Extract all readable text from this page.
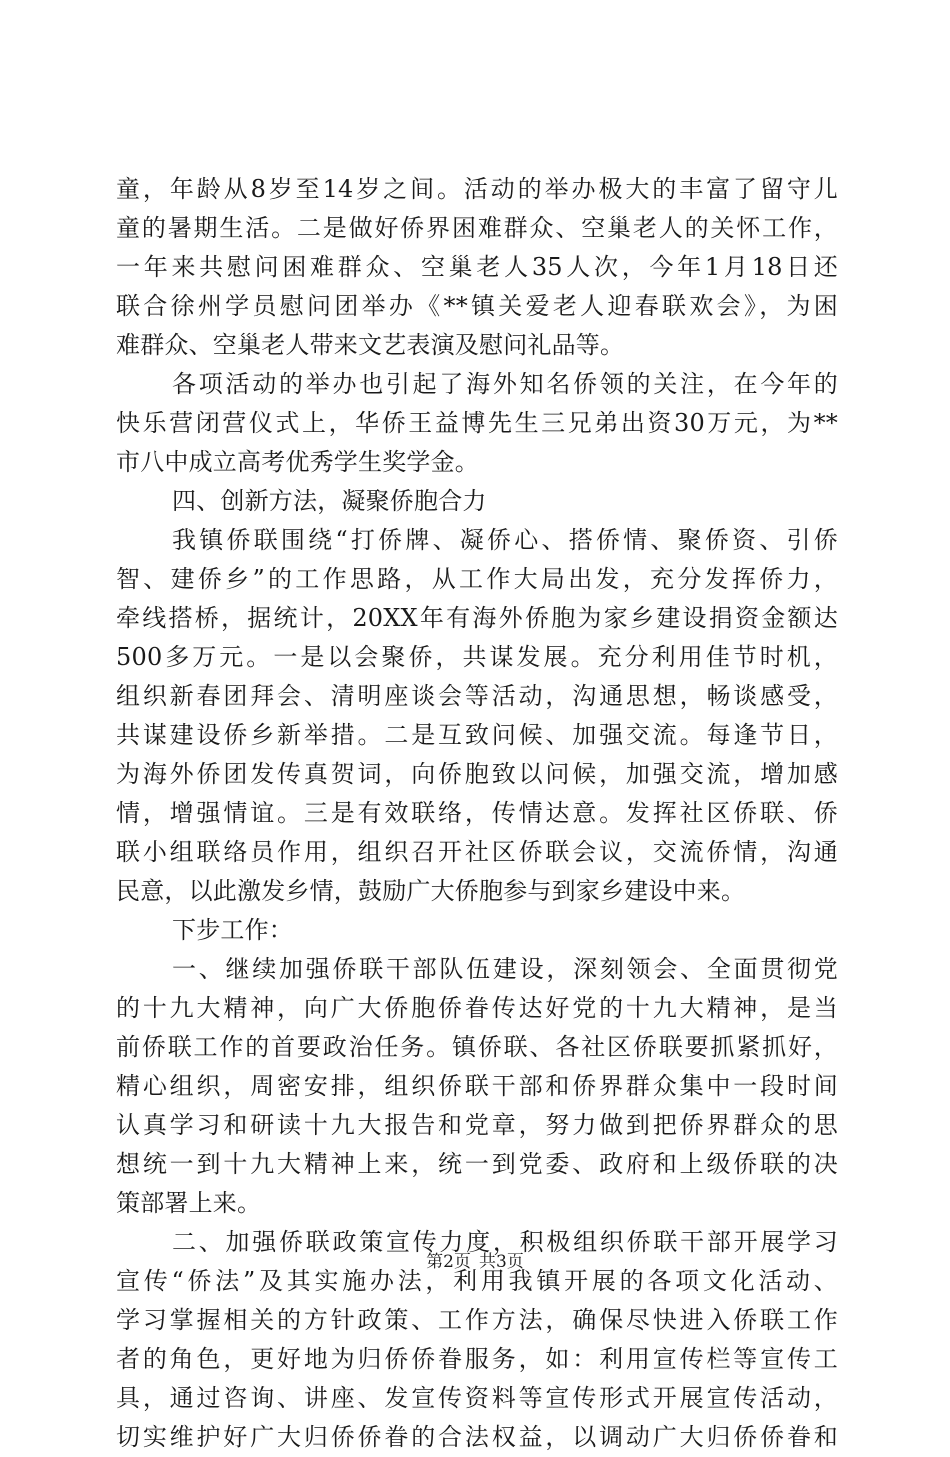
童，年龄从8岁至14岁之间。活动的举办极大的丰富了留守儿
童的暑期生活。二是做好侨界困难群众、空巢老人的关怀工作，
一年来共慰问困难群众、空巢老人35人次，今年1月18日还
联合徐州学员慰问团举办《**镇关爱老人迎春联欢会》，为困
难群众、空巢老人带来文艺表演及慰问礼品等。
各项活动的举办也引起了海外知名侨领的关注，在今年的
快乐营闭营仪式上，华侨王益博先生三兄弟出资30万元，为**
市八中成立高考优秀学生奖学金。
四、创新方法，凝聚侨胞合力
我镇侨联围绕“打侨牌、凝侨心、搭侨情、聚侨资、引侨
智、建侨乡”的工作思路，从工作大局出发，充分发挥侨力，
牵线搭桥，据统计，20XX年有海外侨胞为家乡建设捐资金额达
500多万元。一是以会聚侨，共谋发展。充分利用佳节时机，
组织新春团拜会、清明座谈会等活动，沟通思想，畅谈感受，
共谋建设侨乡新举措。二是互致问候、加强交流。每逢节日，
为海外侨团发传真贺词，向侨胞致以问候，加强交流，增加感
情，增强情谊。三是有效联络，传情达意。发挥社区侨联、侨
联小组联络员作用，组织召开社区侨联会议，交流侨情，沟通
民意，以此激发乡情，鼓励广大侨胞参与到家乡建设中来。
下步工作：
一、继续加强侨联干部队伍建设，深刻领会、全面贯彻党
的十九大精神，向广大侨胞侨眷传达好党的十九大精神，是当
前侨联工作的首要政治任务。镇侨联、各社区侨联要抓紧抓好，
精心组织，周密安排，组织侨联干部和侨界群众集中一段时间
认真学习和研读十九大报告和党章，努力做到把侨界群众的思
想统一到十九大精神上来，统一到党委、政府和上级侨联的决
策部署上来。
二、加强侨联政策宣传力度，积极组织侨联干部开展学习
宣传“侨法”及其实施办法，利用我镇开展的各项文化活动、
学习掌握相关的方针政策、工作方法，确保尽快进入侨联工作
者的角色，更好地为归侨侨眷服务，如：利用宣传栏等宣传工
具，通过咨询、讲座、发宣传资料等宣传形式开展宣传活动，
切实维护好广大归侨侨眷的合法权益，以调动广大归侨侨眷和
第2页 共3页
